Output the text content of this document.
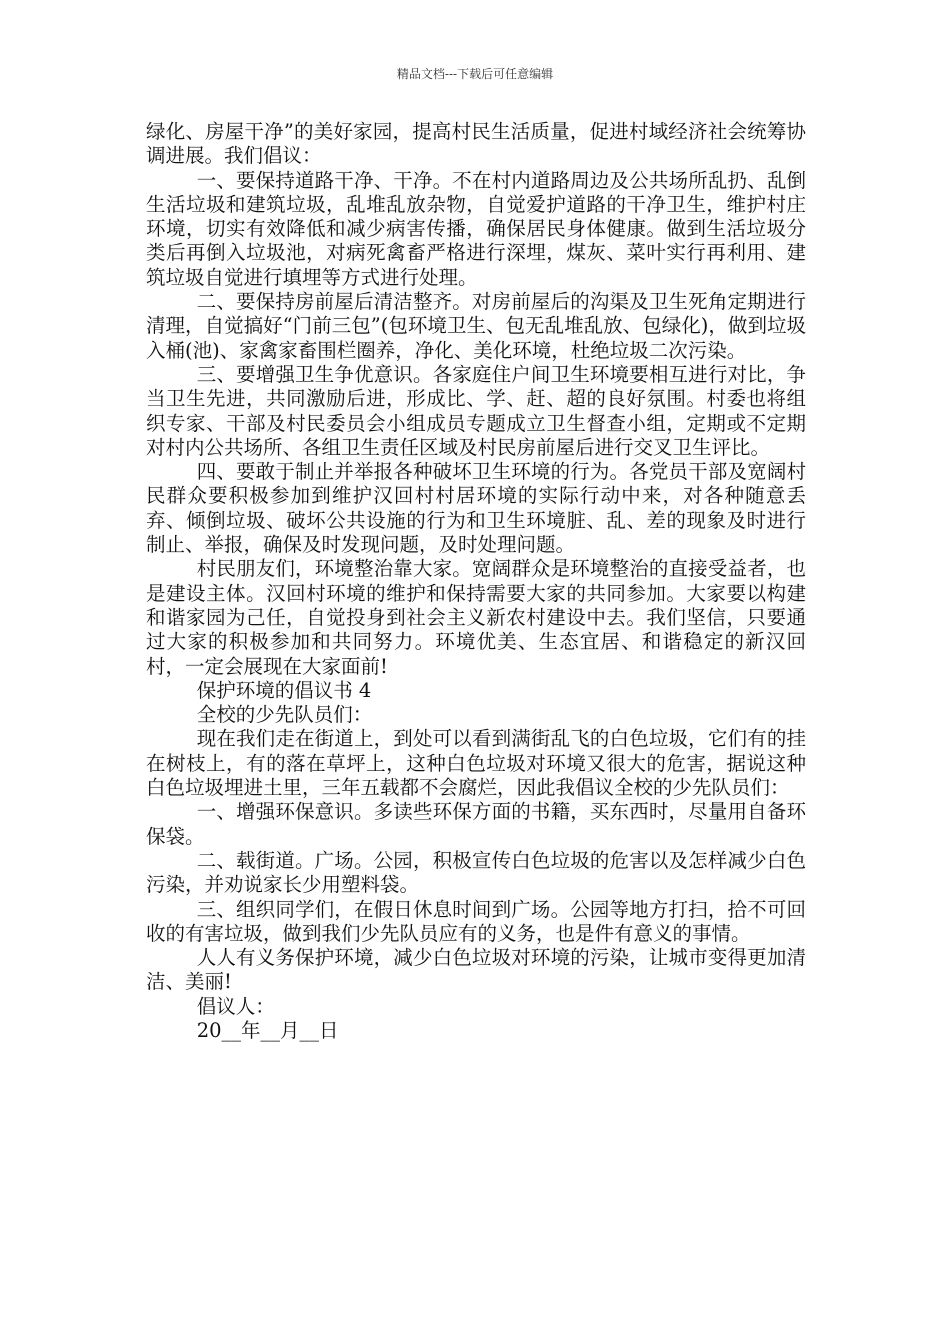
精品文档---下载后可任意编辑

绿化、房屋干净”的美好家园，提高村民生活质量，促进村域经济社会统筹协调进展。我们倡议：

一、要保持道路干净、干净。不在村内道路周边及公共场所乱扔、乱倒生活垃圾和建筑垃圾，乱堆乱放杂物，自觉爱护道路的干净卫生，维护村庄环境，切实有效降低和减少病害传播，确保居民身体健康。做到生活垃圾分类后再倒入垃圾池，对病死禽畜严格进行深埋，煤灰、菜叶实行再利用、建筑垃圾自觉进行填埋等方式进行处理。

二、要保持房前屋后清洁整齐。对房前屋后的沟渠及卫生死角定期进行清理，自觉搞好“门前三包”(包环境卫生、包无乱堆乱放、包绿化)，做到垃圾入桶(池)、家禽家畜围栏圈养，净化、美化环境，杜绝垃圾二次污染。

三、要增强卫生争优意识。各家庭住户间卫生环境要相互进行对比，争当卫生先进，共同激励后进，形成比、学、赶、超的良好氛围。村委也将组织专家、干部及村民委员会小组成员专题成立卫生督查小组，定期或不定期对村内公共场所、各组卫生责任区域及村民房前屋后进行交叉卫生评比。

四、要敢于制止并举报各种破坏卫生环境的行为。各党员干部及宽阔村民群众要积极参加到维护汉回村村居环境的实际行动中来，对各种随意丢弃、倾倒垃圾、破坏公共设施的行为和卫生环境脏、乱、差的现象及时进行制止、举报，确保及时发现问题，及时处理问题。

村民朋友们，环境整治靠大家。宽阔群众是环境整治的直接受益者，也是建设主体。汉回村环境的维护和保持需要大家的共同参加。大家要以构建和谐家园为己任，自觉投身到社会主义新农村建设中去。我们坚信，只要通过大家的积极参加和共同努力。环境优美、生态宜居、和谐稳定的新汉回村，一定会展现在大家面前!

保护环境的倡议书 4

全校的少先队员们：

现在我们走在街道上，到处可以看到满街乱飞的白色垃圾，它们有的挂在树枝上，有的落在草坪上，这种白色垃圾对环境又很大的危害，据说这种白色垃圾埋进土里，三年五载都不会腐烂，因此我倡议全校的少先队员们：

一、增强环保意识。多读些环保方面的书籍，买东西时，尽量用自备环保袋。

二、载街道。广场。公园，积极宣传白色垃圾的危害以及怎样减少白色污染，并劝说家长少用塑料袋。

三、组织同学们，在假日休息时间到广场。公园等地方打扫，拾不可回收的有害垃圾，做到我们少先队员应有的义务，也是件有意义的事情。

人人有义务保护环境，减少白色垃圾对环境的污染，让城市变得更加清洁、美丽!

倡议人：

20__年__月__日
